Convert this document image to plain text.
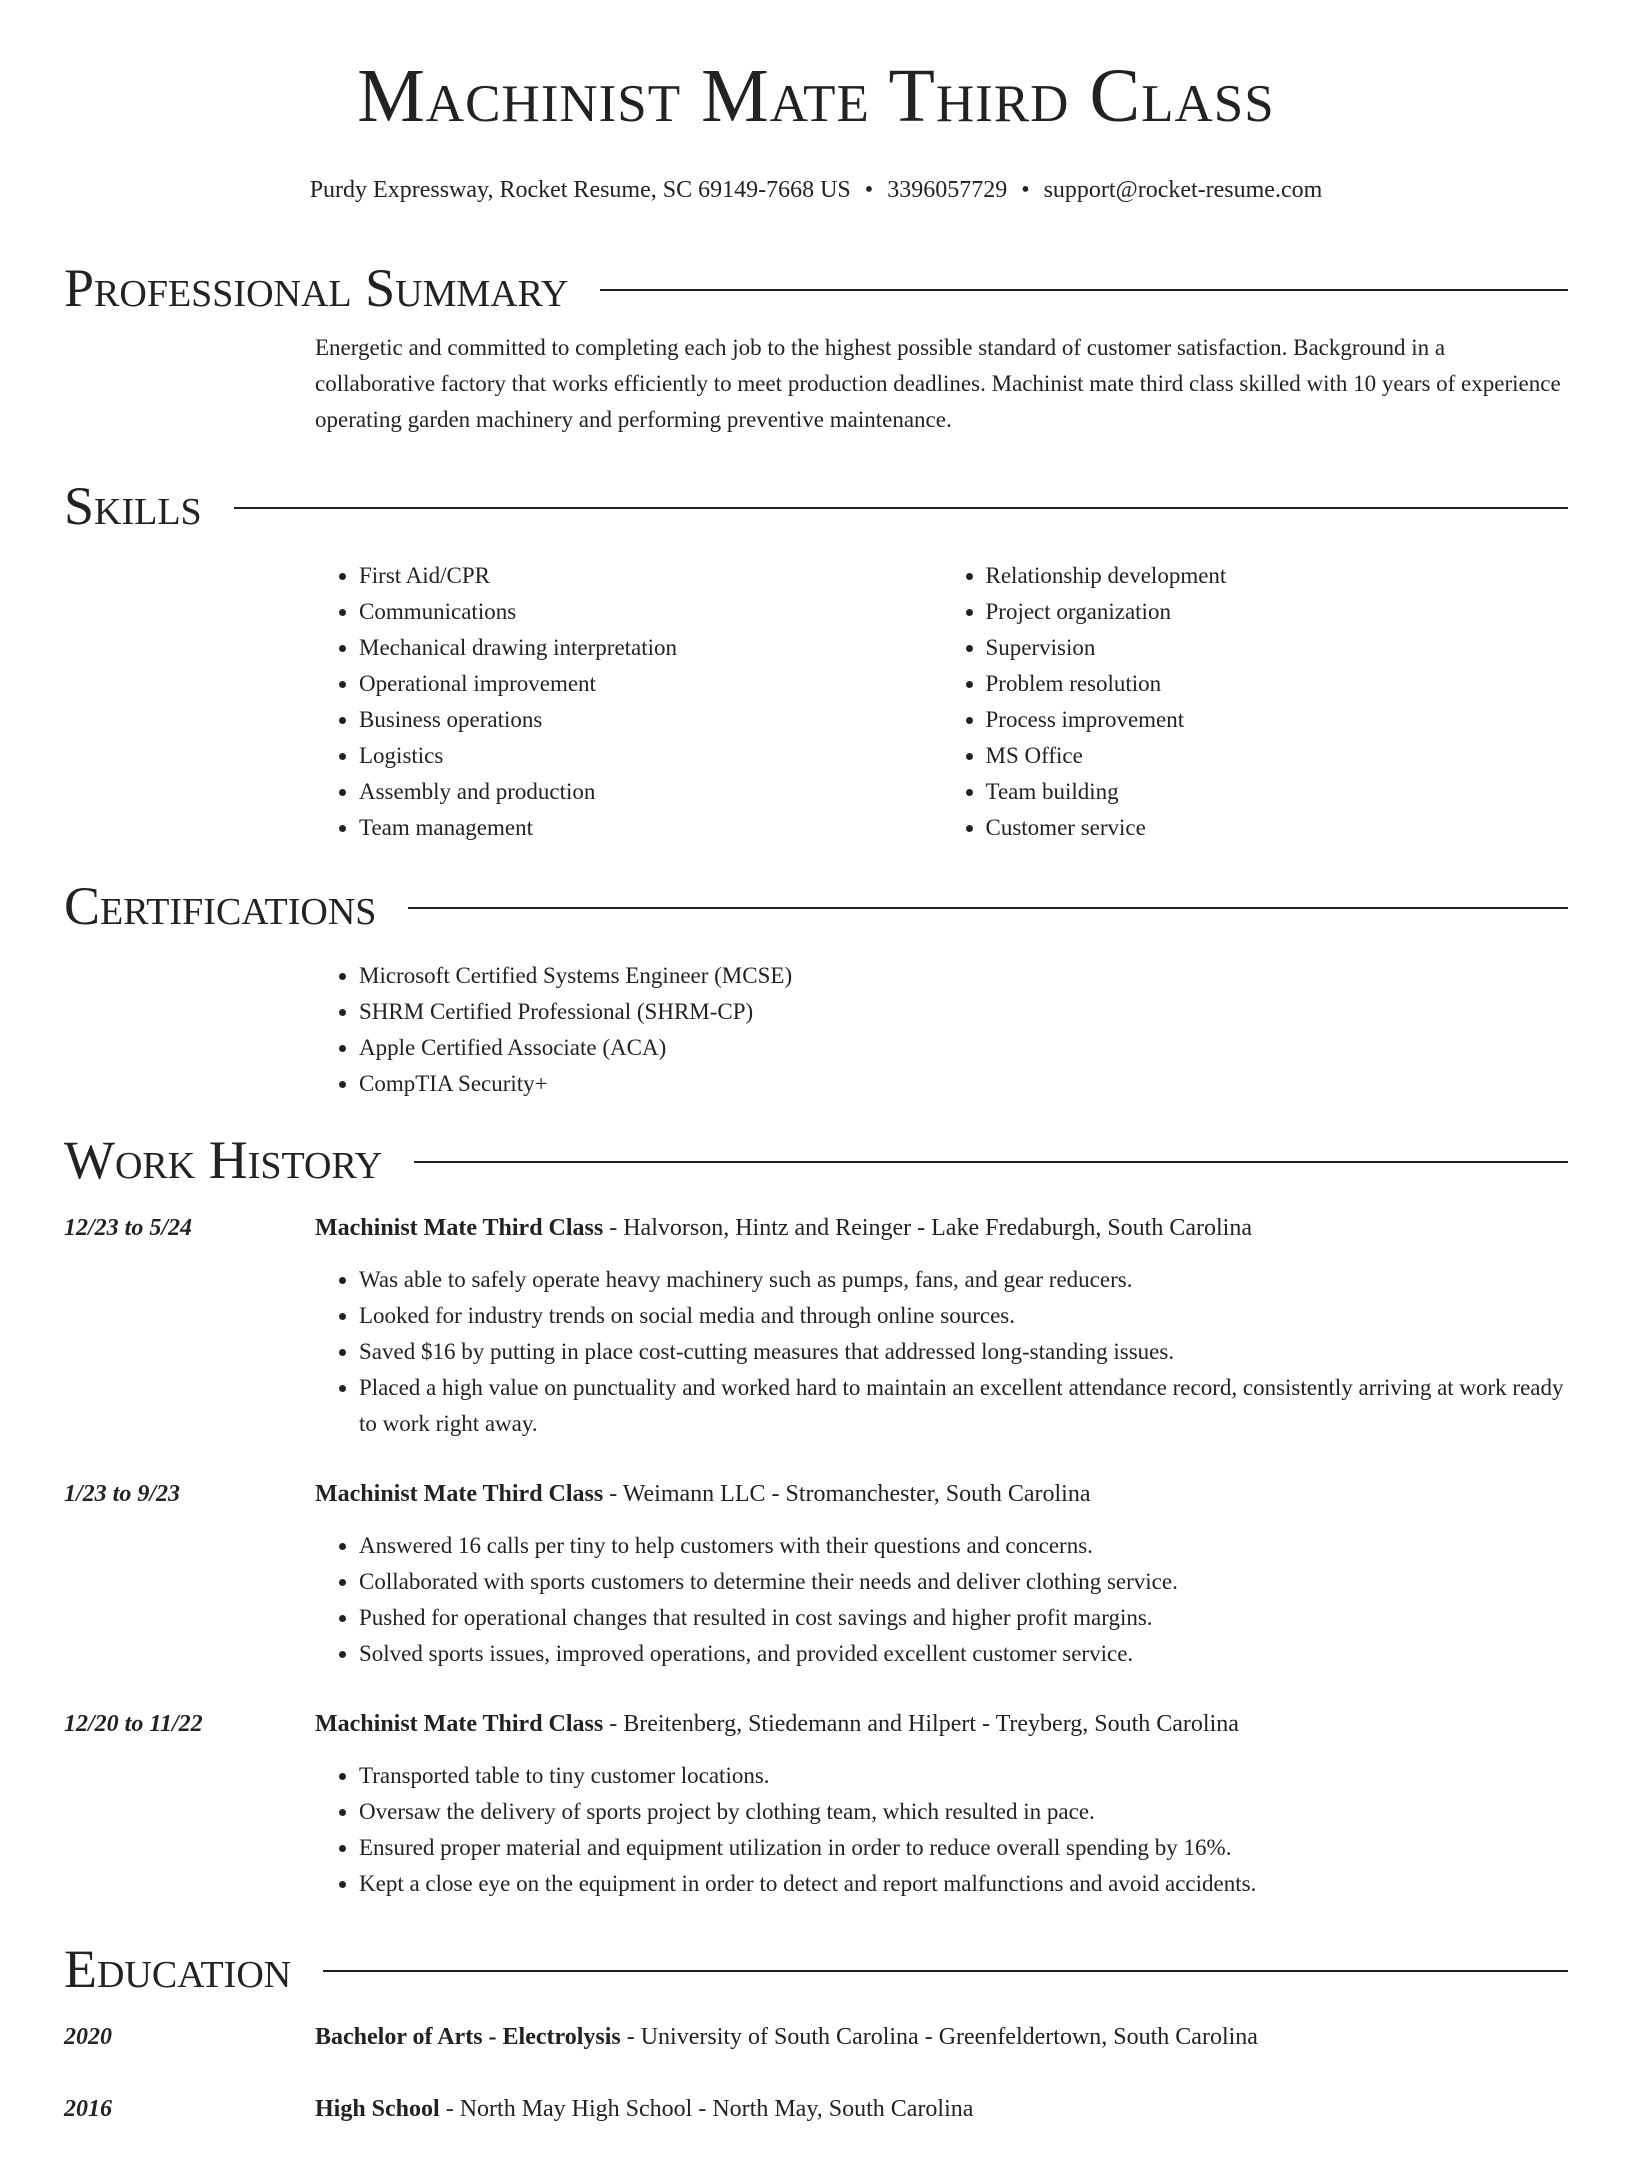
Machinist Mate Third Class
Purdy Expressway, Rocket Resume, SC 69149-7668 US • 3396057729 • support@rocket-resume.com
Professional Summary
Energetic and committed to completing each job to the highest possible standard of customer satisfaction. Background in a collaborative factory that works efficiently to meet production deadlines. Machinist mate third class skilled with 10 years of experience operating garden machinery and performing preventive maintenance.
Skills
• First Aid/CPR
• Communications
• Mechanical drawing interpretation
• Operational improvement
• Business operations
• Logistics
• Assembly and production
• Team management
• Relationship development
• Project organization
• Supervision
• Problem resolution
• Process improvement
• MS Office
• Team building
• Customer service
Certifications
• Microsoft Certified Systems Engineer (MCSE)
• SHRM Certified Professional (SHRM-CP)
• Apple Certified Associate (ACA)
• CompTIA Security+
Work History
12/23 to 5/24	Machinist Mate Third Class - Halvorson, Hintz and Reinger - Lake Fredaburgh, South Carolina
• Was able to safely operate heavy machinery such as pumps, fans, and gear reducers.
• Looked for industry trends on social media and through online sources.
• Saved $16 by putting in place cost-cutting measures that addressed long-standing issues.
• Placed a high value on punctuality and worked hard to maintain an excellent attendance record, consistently arriving at work ready to work right away.
1/23 to 9/23	Machinist Mate Third Class - Weimann LLC - Stromanchester, South Carolina
• Answered 16 calls per tiny to help customers with their questions and concerns.
• Collaborated with sports customers to determine their needs and deliver clothing service.
• Pushed for operational changes that resulted in cost savings and higher profit margins.
• Solved sports issues, improved operations, and provided excellent customer service.
12/20 to 11/22	Machinist Mate Third Class - Breitenberg, Stiedemann and Hilpert - Treyberg, South Carolina
• Transported table to tiny customer locations.
• Oversaw the delivery of sports project by clothing team, which resulted in pace.
• Ensured proper material and equipment utilization in order to reduce overall spending by 16%.
• Kept a close eye on the equipment in order to detect and report malfunctions and avoid accidents.
Education
2020	Bachelor of Arts - Electrolysis - University of South Carolina - Greenfeldertown, South Carolina
2016	High School - North May High School - North May, South Carolina
